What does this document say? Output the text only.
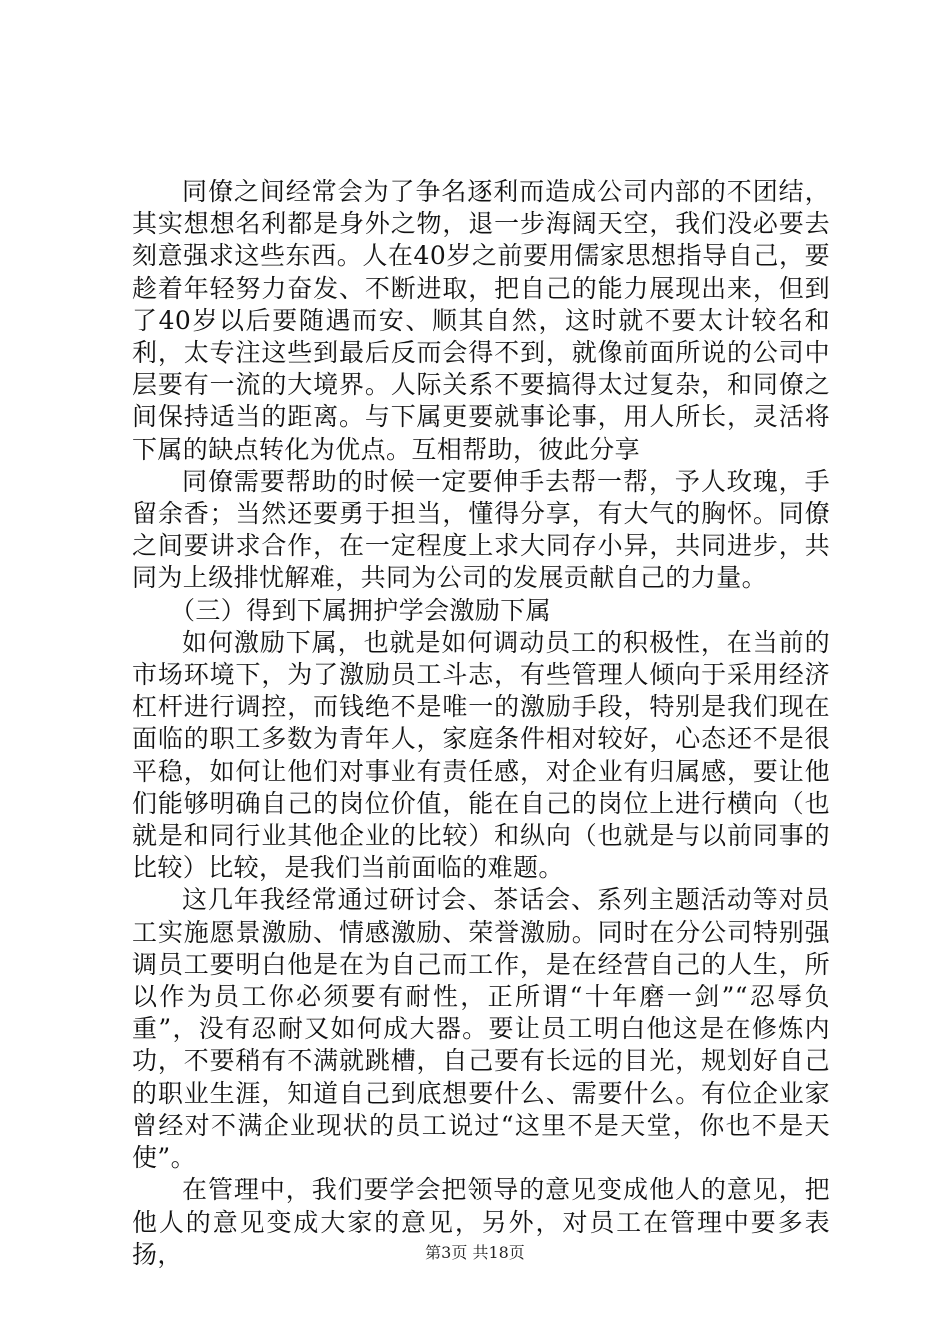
同僚之间经常会为了争名逐利而造成公司内部的不团结，其实想想名利都是身外之物，退一步海阔天空，我们没必要去刻意强求这些东西。人在40岁之前要用儒家思想指导自己，要趁着年轻努力奋发、不断进取，把自己的能力展现出来，但到了40岁以后要随遇而安、顺其自然，这时就不要太计较名和利，太专注这些到最后反而会得不到，就像前面所说的公司中层要有一流的大境界。人际关系不要搞得太过复杂，和同僚之间保持适当的距离。与下属更要就事论事，用人所长，灵活将下属的缺点转化为优点。互相帮助，彼此分享

同僚需要帮助的时候一定要伸手去帮一帮，予人玫瑰，手留余香；当然还要勇于担当，懂得分享，有大气的胸怀。同僚之间要讲求合作，在一定程度上求大同存小异，共同进步，共同为上级排忧解难，共同为公司的发展贡献自己的力量。

（三）得到下属拥护学会激励下属

如何激励下属，也就是如何调动员工的积极性，在当前的市场环境下，为了激励员工斗志，有些管理人倾向于采用经济杠杆进行调控，而钱绝不是唯一的激励手段，特别是我们现在面临的职工多数为青年人，家庭条件相对较好，心态还不是很平稳，如何让他们对事业有责任感，对企业有归属感，要让他们能够明确自己的岗位价值，能在自己的岗位上进行横向（也就是和同行业其他企业的比较）和纵向（也就是与以前同事的比较）比较，是我们当前面临的难题。

这几年我经常通过研讨会、茶话会、系列主题活动等对员工实施愿景激励、情感激励、荣誉激励。同时在分公司特别强调员工要明白他是在为自己而工作，是在经营自己的人生，所以作为员工你必须要有耐性，正所谓“十年磨一剑”“忍辱负重”，没有忍耐又如何成大器。要让员工明白他这是在修炼内功，不要稍有不满就跳槽，自己要有长远的目光，规划好自己的职业生涯，知道自己到底想要什么、需要什么。有位企业家曾经对不满企业现状的员工说过“这里不是天堂，你也不是天使”。

在管理中，我们要学会把领导的意见变成他人的意见，把他人的意见变成大家的意见，另外，对员工在管理中要多表扬，	第3页 共18页
